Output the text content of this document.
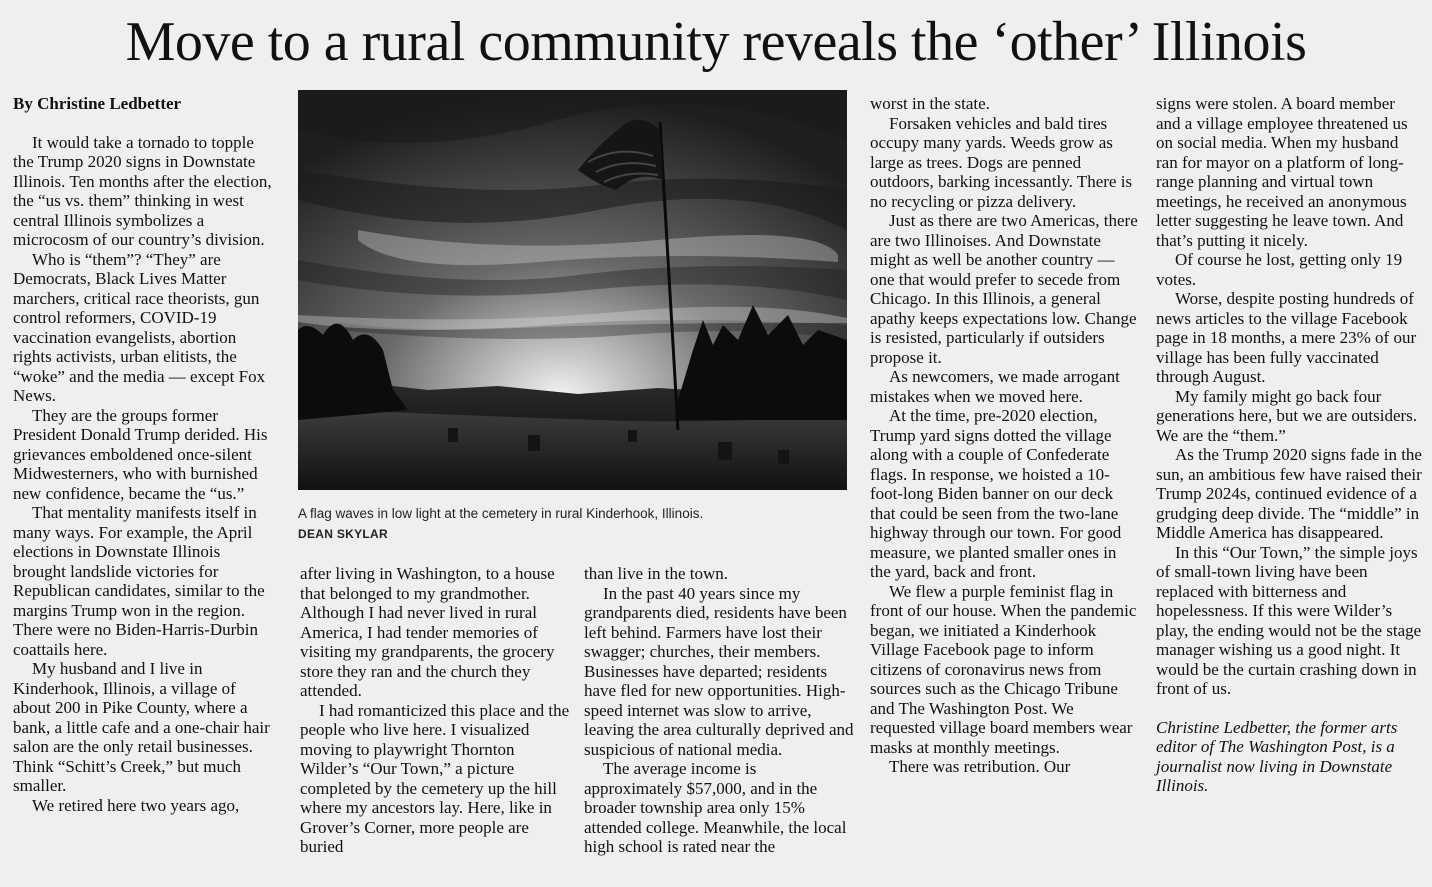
Move to a rural community reveals the ‘other’ Illinois

By Christine Ledbetter

It would take a tornado to topple the Trump 2020 signs in Downstate Illinois. Ten months after the election, the “us vs. them” thinking in west central Illinois symbolizes a microcosm of our country’s division.

Who is “them”? “They” are Democrats, Black Lives Matter marchers, critical race theorists, gun control reformers, COVID-19 vaccination evangelists, abortion rights activists, urban elitists, the “woke” and the media — except Fox News.

They are the groups former President Donald Trump derided. His grievances emboldened once-silent Midwesterners, who with burnished new confidence, became the “us.”

That mentality manifests itself in many ways. For example, the April elections in Downstate Illinois brought landslide victories for Republican candidates, similar to the margins Trump won in the region. There were no Biden-Harris-Durbin coattails here.

My husband and I live in Kinderhook, Illinois, a village of about 200 in Pike County, where a bank, a little cafe and a one-chair hair salon are the only retail businesses. Think “Schitt’s Creek,” but much smaller.

We retired here two years ago,

A flag waves in low light at the cemetery in rural Kinderhook, Illinois.
DEAN SKYLAR

after living in Washington, to a house that belonged to my grandmother. Although I had never lived in rural America, I had tender memories of visiting my grandparents, the grocery store they ran and the church they attended.

I had romanticized this place and the people who live here. I visualized moving to playwright Thornton Wilder’s “Our Town,” a picture completed by the cemetery up the hill where my ancestors lay. Here, like in Grover’s Corner, more people are buried

than live in the town.

In the past 40 years since my grandparents died, residents have been left behind. Farmers have lost their swagger; churches, their members. Businesses have departed; residents have fled for new opportunities. High-speed internet was slow to arrive, leaving the area culturally deprived and suspicious of national media.

The average income is approximately $57,000, and in the broader township area only 15% attended college. Meanwhile, the local high school is rated near the

worst in the state.

Forsaken vehicles and bald tires occupy many yards. Weeds grow as large as trees. Dogs are penned outdoors, barking incessantly. There is no recycling or pizza delivery.

Just as there are two Americas, there are two Illinoises. And Downstate might as well be another country — one that would prefer to secede from Chicago. In this Illinois, a general apathy keeps expectations low. Change is resisted, particularly if outsiders propose it.

As newcomers, we made arrogant mistakes when we moved here.

At the time, pre-2020 election, Trump yard signs dotted the village along with a couple of Confederate flags. In response, we hoisted a 10-foot-long Biden banner on our deck that could be seen from the two-lane highway through our town. For good measure, we planted smaller ones in the yard, back and front.

We flew a purple feminist flag in front of our house. When the pandemic began, we initiated a Kinderhook Village Facebook page to inform citizens of coronavirus news from sources such as the Chicago Tribune and The Washington Post. We requested village board members wear masks at monthly meetings.

There was retribution. Our

signs were stolen. A board member and a village employee threatened us on social media. When my husband ran for mayor on a platform of long-range planning and virtual town meetings, he received an anonymous letter suggesting he leave town. And that’s putting it nicely.

Of course he lost, getting only 19 votes.

Worse, despite posting hundreds of news articles to the village Facebook page in 18 months, a mere 23% of our village has been fully vaccinated through August.

My family might go back four generations here, but we are outsiders. We are the “them.”

As the Trump 2020 signs fade in the sun, an ambitious few have raised their Trump 2024s, continued evidence of a grudging deep divide. The “middle” in Middle America has disappeared.

In this “Our Town,” the simple joys of small-town living have been replaced with bitterness and hopelessness. If this were Wilder’s play, the ending would not be the stage manager wishing us a good night. It would be the curtain crashing down in front of us.

Christine Ledbetter, the former arts editor of The Washington Post, is a journalist now living in Downstate Illinois.
